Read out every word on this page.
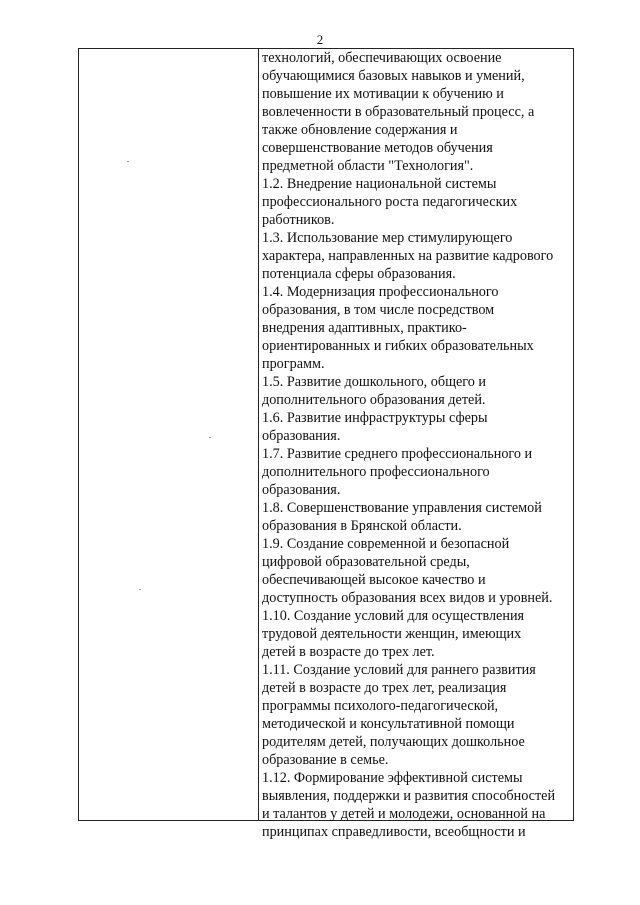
2
технологий, обеспечивающих освоение
обучающимися базовых навыков и умений,
повышение их мотивации к обучению и
вовлеченности в образовательный процесс, а
также обновление содержания и
совершенствование методов обучения
предметной области "Технология".
1.2. Внедрение национальной системы
профессионального роста педагогических
работников.
1.3. Использование мер стимулирующего
характера, направленных на развитие кадрового
потенциала сферы образования.
1.4. Модернизация профессионального
образования, в том числе посредством
внедрения адаптивных, практико-
ориентированных и гибких образовательных
программ.
1.5. Развитие дошкольного, общего и
дополнительного образования детей.
1.6. Развитие инфраструктуры сферы
образования.
1.7. Развитие среднего профессионального и
дополнительного профессионального
образования.
1.8. Совершенствование управления системой
образования в Брянской области.
1.9. Создание современной и безопасной
цифровой образовательной среды,
обеспечивающей высокое качество и
доступность образования всех видов и уровней.
1.10. Создание условий для осуществления
трудовой деятельности женщин, имеющих
детей в возрасте до трех лет.
1.11. Создание условий для раннего развития
детей в возрасте до трех лет, реализация
программы психолого-педагогической,
методической и консультативной помощи
родителям детей, получающих дошкольное
образование в семье.
1.12. Формирование эффективной системы
выявления, поддержки и развития способностей
и талантов у детей и молодежи, основанной на
принципах справедливости, всеобщности и
